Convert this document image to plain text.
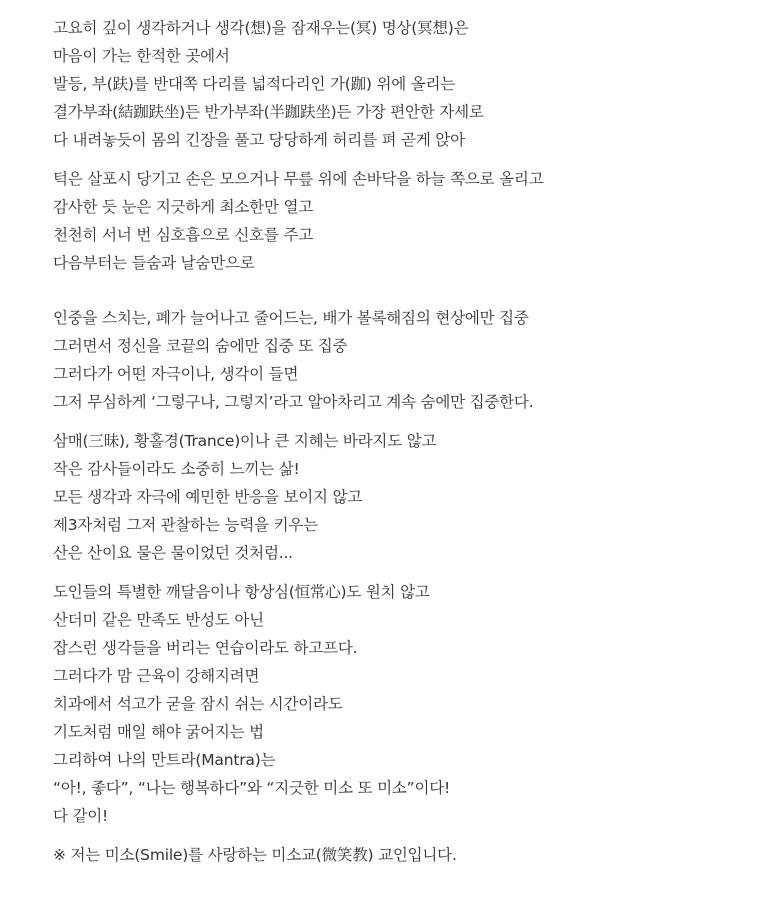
고요히 깊이 생각하거나 생각(想)을 잠재우는(冥) 명상(冥想)은
마음이 가는 한적한 곳에서
발등, 부(趺)를 반대쪽 다리를 넓적다리인 가(跏) 위에 올리는
결가부좌(結跏趺坐)든 반가부좌(半跏趺坐)든 가장 편안한 자세로
다 내려놓듯이 몸의 긴장을 풀고 당당하게 허리를 펴 곧게 앉아
턱은 살포시 당기고 손은 모으거나 무릎 위에 손바닥을 하늘 쪽으로 올리고
감사한 듯 눈은 지긋하게 최소한만 열고
천천히 서너 번 심호흡으로 신호를 주고
다음부터는 들숨과 날숨만으로
인중을 스치는, 폐가 늘어나고 줄어드는, 배가 볼록해짐의 현상에만 집중
그러면서 정신을 코끝의 숨에만 집중 또 집중
그러다가 어떤 자극이나, 생각이 들면
그저 무심하게 ‘그렇구나, 그렇지’라고 알아차리고 계속 숨에만 집중한다.
삼매(三昧), 황홀경(Trance)이나 큰 지혜는 바라지도 않고
작은 감사들이라도 소중히 느끼는 삶!
모든 생각과 자극에 예민한 반응을 보이지 않고
제3자처럼 그저 관찰하는 능력을 키우는
산은 산이요 물은 물이었던 것처럼...
도인들의 특별한 깨달음이나 항상심(恒常心)도 원치 않고
산더미 같은 만족도 반성도 아닌
잡스런 생각들을 버리는 연습이라도 하고프다.
그러다가 맘 근육이 강해지려면
치과에서 석고가 굳을 잠시 쉬는 시간이라도
기도처럼 매일 해야 굵어지는 법
그리하여 나의 만트라(Mantra)는
“아!, 좋다”, “나는 행복하다”와 “지긋한 미소 또 미소”이다!
다 같이!
※ 저는 미소(Smile)를 사랑하는 미소교(微笑教) 교인입니다.
